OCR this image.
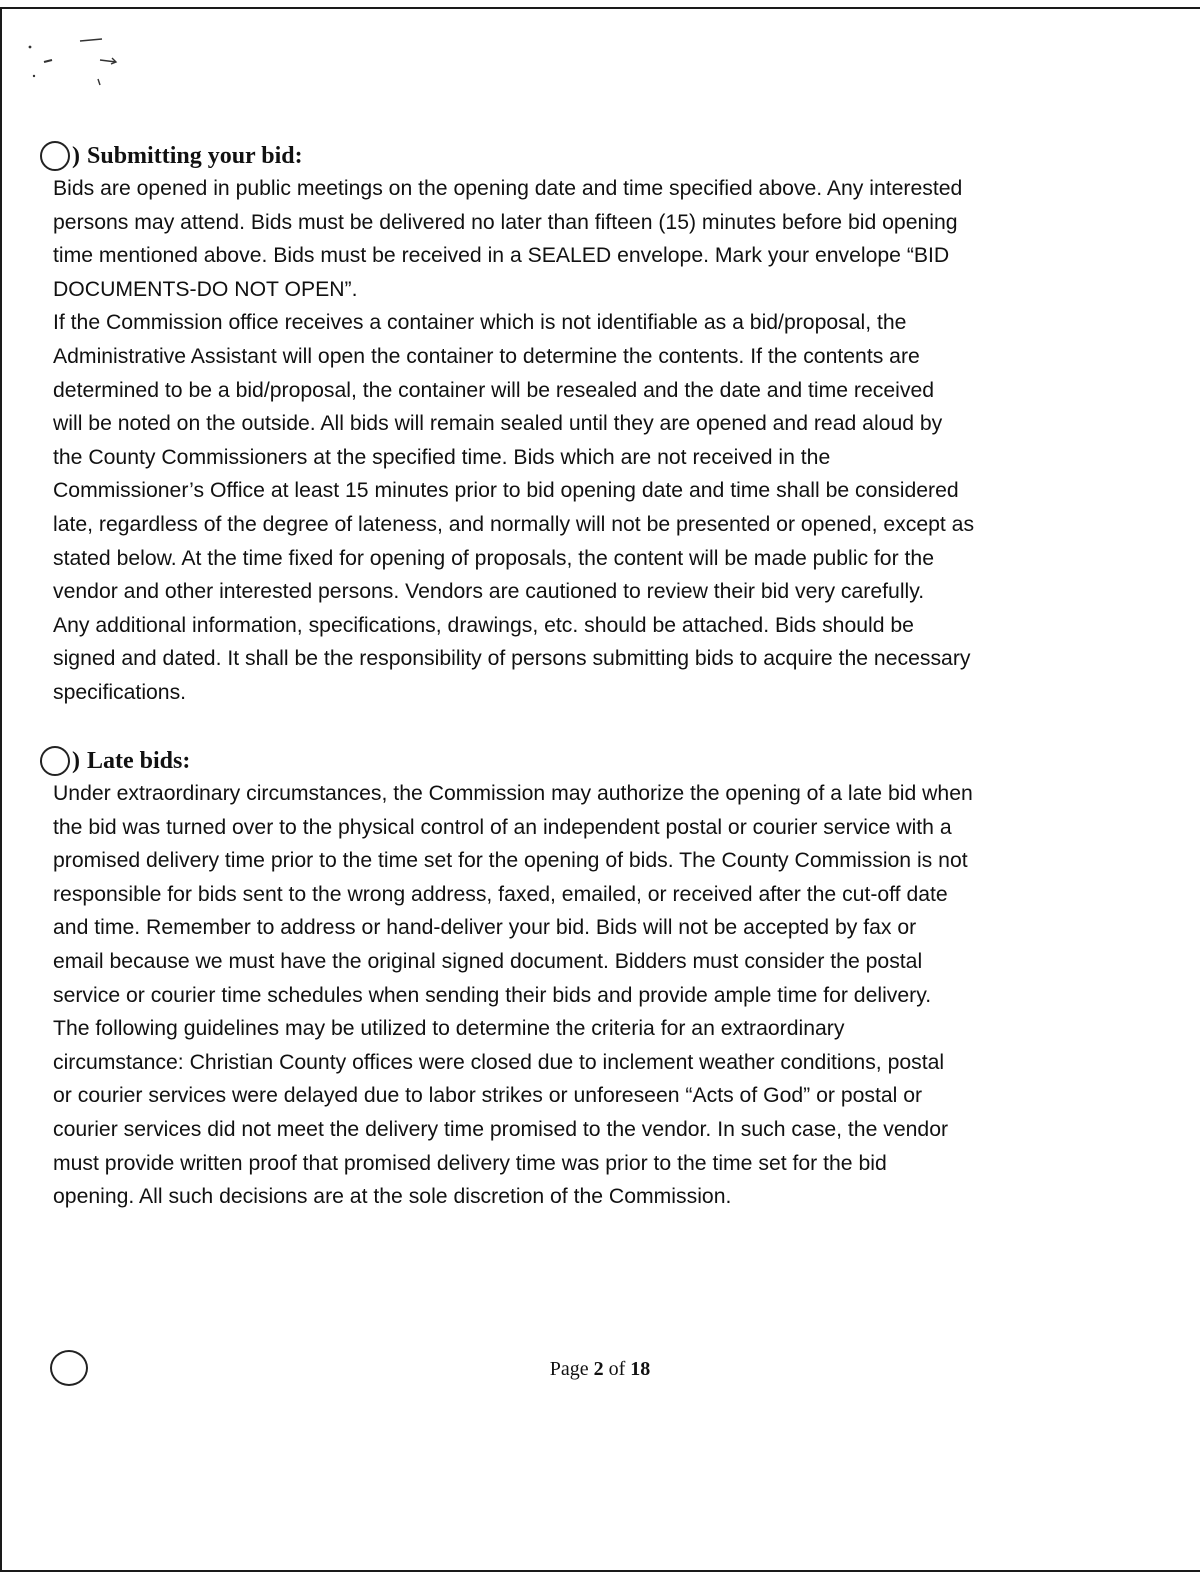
) Submitting your bid:

Bids are opened in public meetings on the opening date and time specified above. Any interested
persons may attend. Bids must be delivered no later than fifteen (15) minutes before bid opening
time mentioned above. Bids must be received in a SEALED envelope. Mark your envelope “BID
DOCUMENTS-DO NOT OPEN”.
If the Commission office receives a container which is not identifiable as a bid/proposal, the
Administrative Assistant will open the container to determine the contents. If the contents are
determined to be a bid/proposal, the container will be resealed and the date and time received
will be noted on the outside. All bids will remain sealed until they are opened and read aloud by
the County Commissioners at the specified time. Bids which are not received in the
Commissioner’s Office at least 15 minutes prior to bid opening date and time shall be considered
late, regardless of the degree of lateness, and normally will not be presented or opened, except as
stated below. At the time fixed for opening of proposals, the content will be made public for the
vendor and other interested persons. Vendors are cautioned to review their bid very carefully.
Any additional information, specifications, drawings, etc. should be attached. Bids should be
signed and dated. It shall be the responsibility of persons submitting bids to acquire the necessary
specifications.

) Late bids:

Under extraordinary circumstances, the Commission may authorize the opening of a late bid when
the bid was turned over to the physical control of an independent postal or courier service with a
promised delivery time prior to the time set for the opening of bids. The County Commission is not
responsible for bids sent to the wrong address, faxed, emailed, or received after the cut-off date
and time. Remember to address or hand-deliver your bid. Bids will not be accepted by fax or
email because we must have the original signed document. Bidders must consider the postal
service or courier time schedules when sending their bids and provide ample time for delivery.
The following guidelines may be utilized to determine the criteria for an extraordinary
circumstance: Christian County offices were closed due to inclement weather conditions, postal
or courier services were delayed due to labor strikes or unforeseen “Acts of God” or postal or
courier services did not meet the delivery time promised to the vendor. In such case, the vendor
must provide written proof that promised delivery time was prior to the time set for the bid
opening. All such decisions are at the sole discretion of the Commission.

Page 2 of 18
